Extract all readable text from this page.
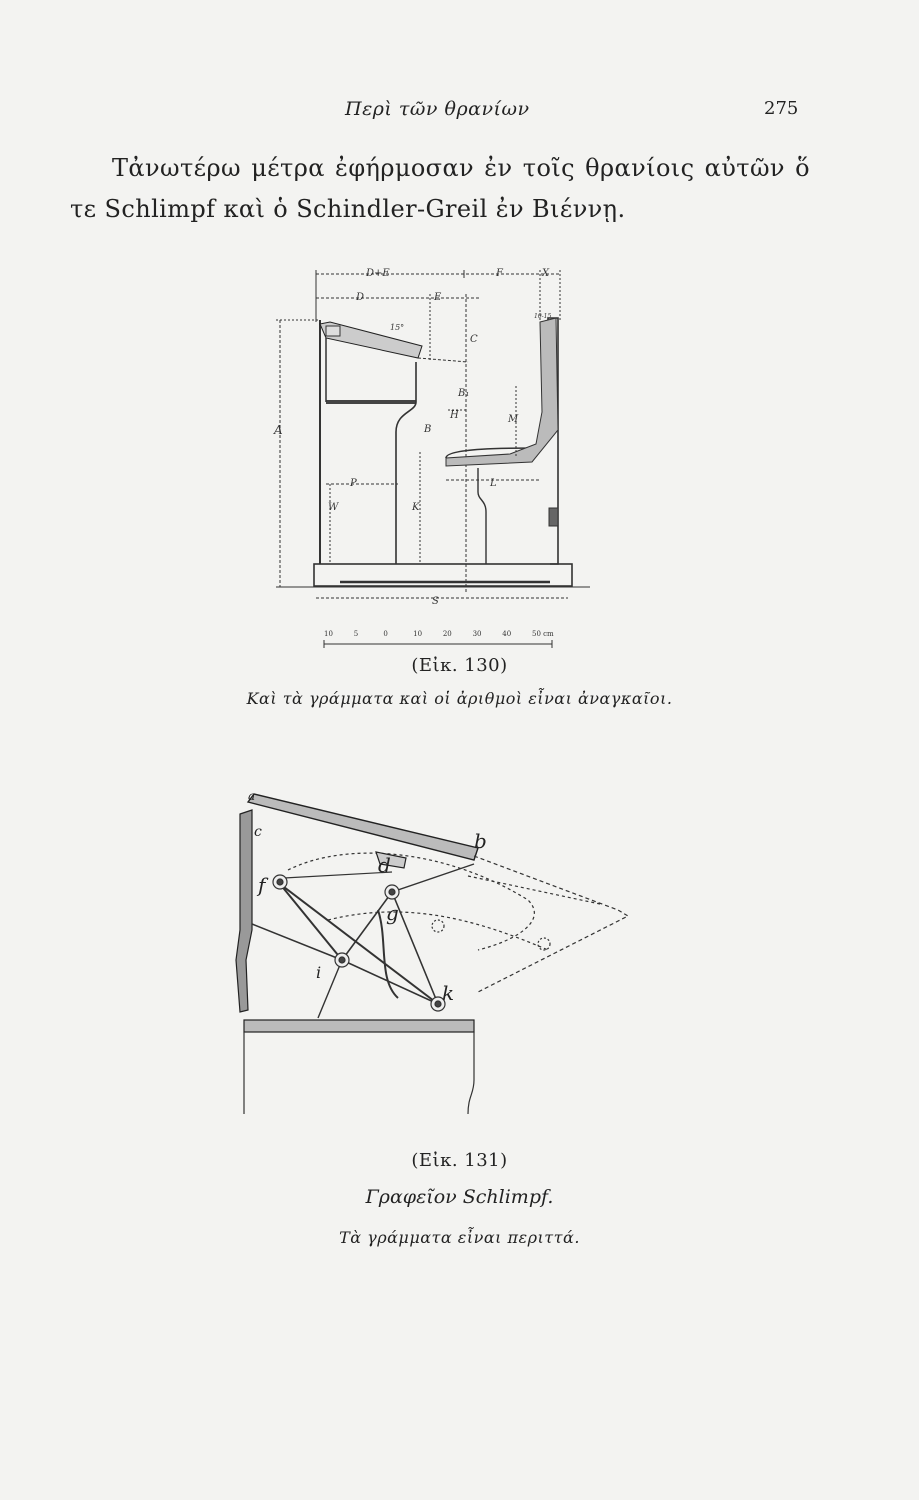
Περὶ τῶν θρανίων	275

Τἀνωτέρω μέτρα ἐφήρμοσαν ἐν τοῖς θρανίοις αὐτῶν ὅ τε Schlimpf καὶ ὁ Schindler-Greil ἐν Βιέννῃ.

D+E	F	X
D	E
15°
C
10-15
A
B₁
H	M
B
P	L
W	K
S
10	5	0	10	20	30	40	50 cm
(Εἰκ. 130)
Καὶ τὰ γράμματα καὶ οἱ ἀριθμοὶ εἶναι ἀναγκαῖοι.
a
b
c
d
f
g
i
k
(Εἰκ. 131)
Γραφεῖον Schlimpf.
Τὰ γράμματα εἶναι περιττά.
